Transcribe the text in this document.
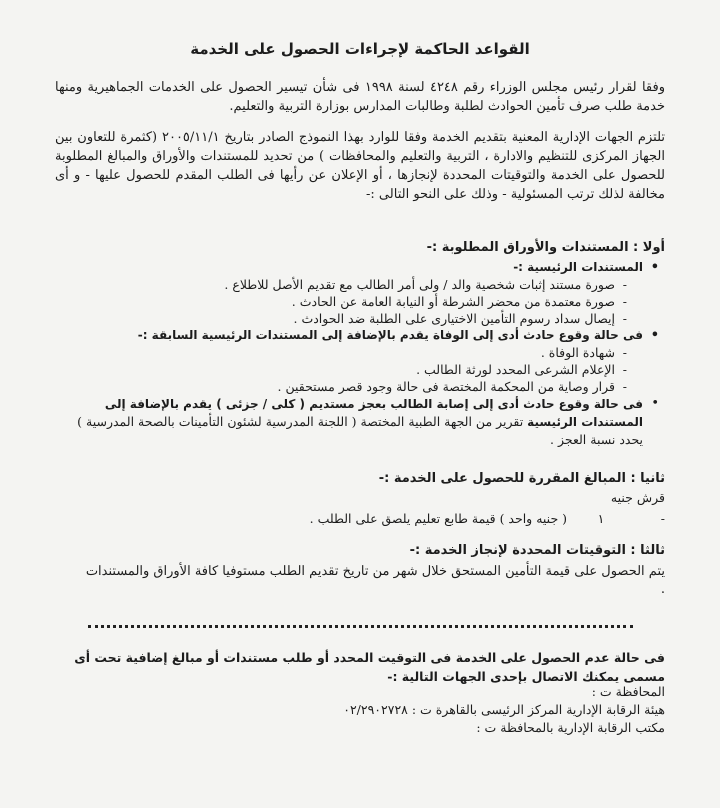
القواعد الحاكمة لإجراءات الحصول على الخدمة

وفقا لقرار رئيس مجلس الوزراء رقم ٤٢٤٨ لسنة ١٩٩٨ فى شأن تيسير الحصول على الخدمات الجماهيرية ومنها خدمة طلب صرف تأمين الحوادث لطلبة وطالبات المدارس بوزارة التربية والتعليم.

تلتزم الجهات الإدارية المعنية بتقديم الخدمة وفقا للوارد بهذا النموذج الصادر بتاريخ ٢٠٠٥/١١/١ (كثمرة للتعاون بين الجهاز المركزى للتنظيم والادارة ، التربية والتعليم والمحافظات ) من تحديد للمستندات والأوراق والمبالغ المطلوبة للحصول على الخدمة والتوقيتات المحددة لإنجازها ، أو الإعلان عن رأيها فى الطلب المقدم للحصول عليها - و أى مخالفة لذلك ترتب المسئولية - وذلك على النحو التالى :-

أولا : المستندات والأوراق المطلوبة :-
• المستندات الرئيسية :-
- صورة مستند إثبات شخصية والد / ولى أمر الطالب مع تقديم الأصل للاطلاع .
- صورة معتمدة من محضر الشرطة أو النيابة العامة عن الحادث .
- إيصال سداد رسوم التأمين الاختيارى على الطلبة ضد الحوادث .
• فى حالة وقوع حادث أدى إلى الوفاة يقدم بالإضافة إلى المستندات الرئيسية السابقة :-
- شهادة الوفاة .
- الإعلام الشرعى المحدد لورثة الطالب .
- قرار وصاية من المحكمة المختصة فى حالة وجود قصر مستحقين .
• فى حالة وقوع حادث أدى إلى إصابة الطالب بعجز مستديم ( كلى / جزئى ) يقدم بالإضافة إلى المستندات الرئيسية تقرير من الجهة الطبية المختصة ( اللجنة المدرسية لشئون التأمينات بالصحة المدرسية ) يحدد نسبة العجز .
ثانيا : المبالغ المقررة للحصول على الخدمة :-
قرش جنيه
- ١ ( جنيه واحد ) قيمة طابع تعليم يلصق على الطلب .
ثالثا : التوقيتات المحددة لإنجاز الخدمة :-

يتم الحصول على قيمة التأمين المستحق خلال شهر من تاريخ تقديم الطلب مستوفيا كافة الأوراق والمستندات .

فى حالة عدم الحصول على الخدمة فى التوقيت المحدد أو طلب مستندات أو مبالغ إضافية تحت أى مسمى يمكنك الاتصال بإحدى الجهات التالية :-
المحافظة ت :
هيئة الرقابة الإدارية المركز الرئيسى بالقاهرة ت : ٠٢/٢٩٠٢٧٢٨
مكتب الرقابة الإدارية بالمحافظة ت :
